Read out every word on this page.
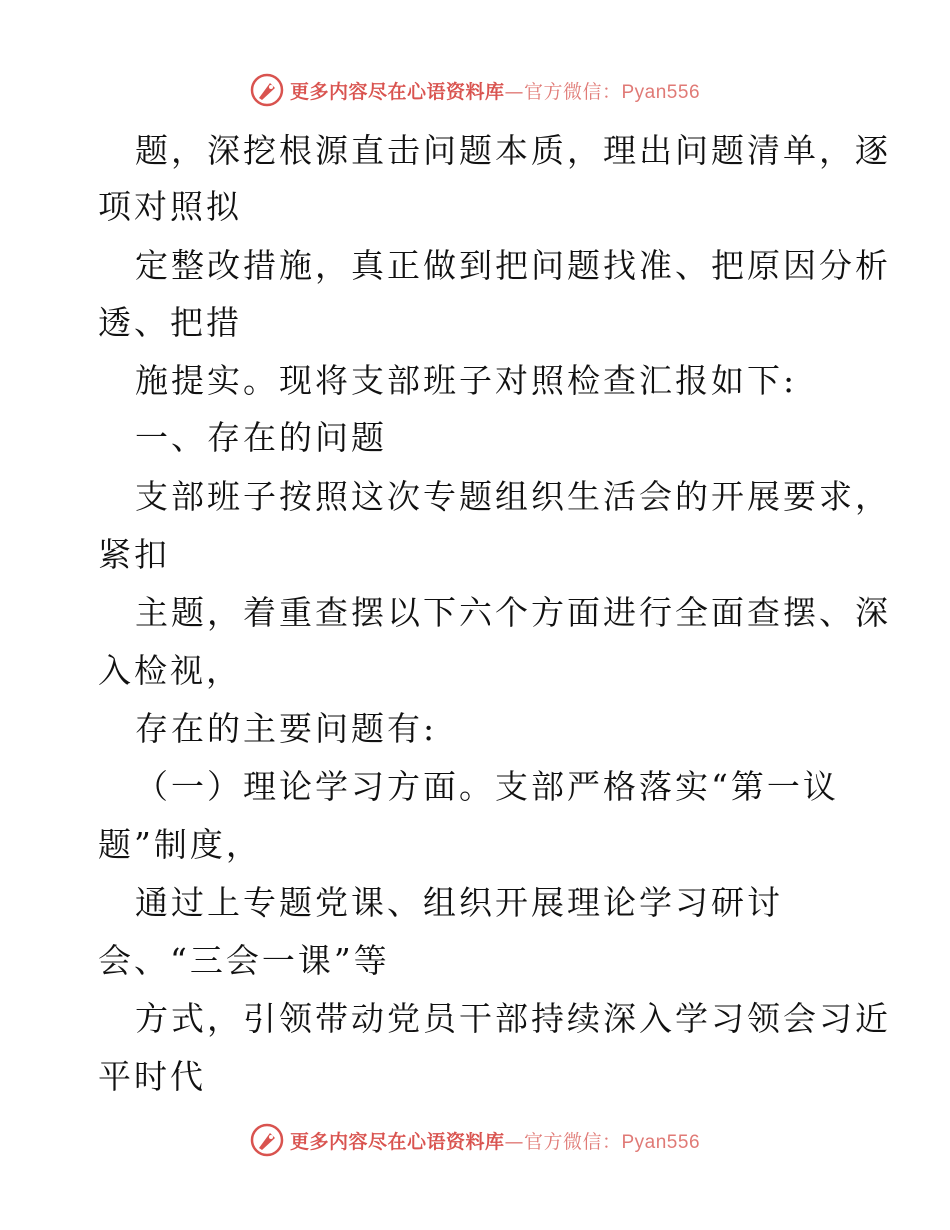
更多内容尽在心语资料库—官方微信：Pyan556
题，深挖根源直击问题本质，理出问题清单，逐
项对照拟
定整改措施，真正做到把问题找准、把原因分析
透、把措
施提实。现将支部班子对照检查汇报如下:
一、存在的问题
支部班子按照这次专题组织生活会的开展要求，
紧扣
主题，着重查摆以下六个方面进行全面查摆、深
入检视，
存在的主要问题有:
（一）理论学习方面。支部严格落实“第一议
题”制度，
通过上专题党课、组织开展理论学习研讨
会、“三会一课”等
方式，引领带动党员干部持续深入学习领会习近
平时代
更多内容尽在心语资料库—官方微信：Pyan556
